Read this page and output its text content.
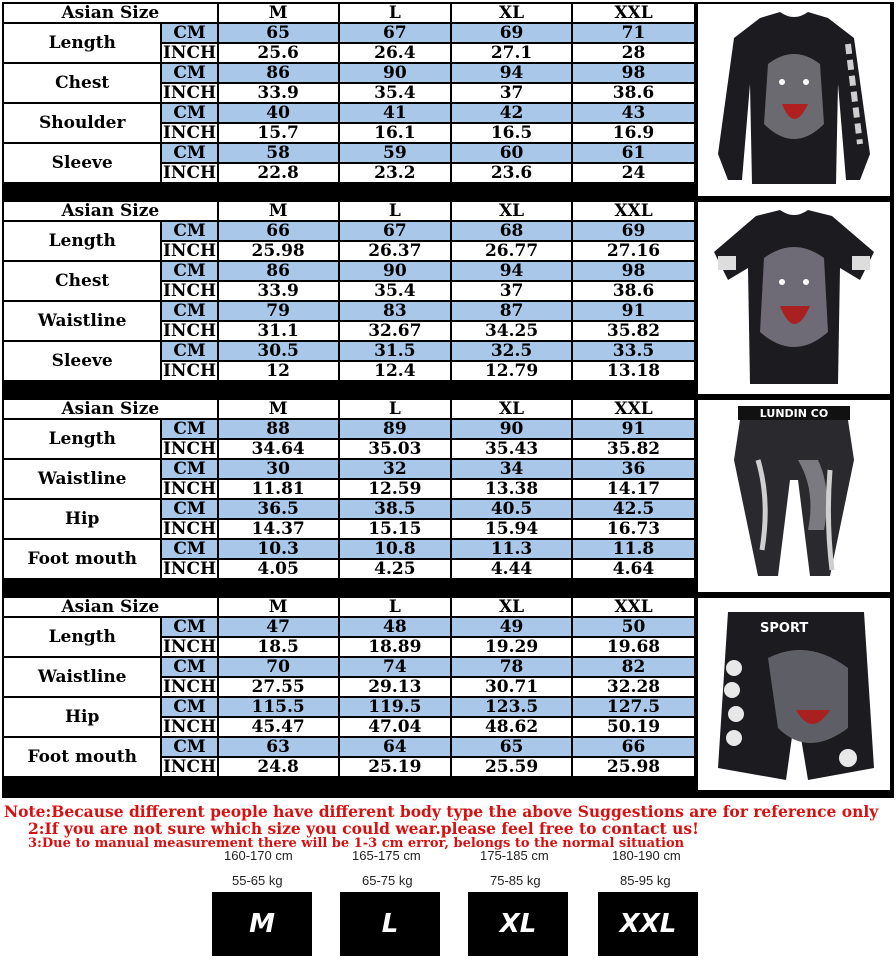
Asian Size		M	L	XL	XXL
Length	CM	65	67	69	71
	INCH	25.6	26.4	27.1	28
Chest	CM	86	90	94	98
	INCH	33.9	35.4	37	38.6
Shoulder	CM	40	41	42	43
	INCH	15.7	16.1	16.5	16.9
Sleeve	CM	58	59	60	61
	INCH	22.8	23.2	23.6	24
Asian Size		M	L	XL	XXL
Length	CM	66	67	68	69
	INCH	25.98	26.37	26.77	27.16
Chest	CM	86	90	94	98
	INCH	33.9	35.4	37	38.6
Waistline	CM	79	83	87	91
	INCH	31.1	32.67	34.25	35.82
Sleeve	CM	30.5	31.5	32.5	33.5
	INCH	12	12.4	12.79	13.18
Asian Size		M	L	XL	XXL
Length	CM	88	89	90	91
	INCH	34.64	35.03	35.43	35.82
Waistline	CM	30	32	34	36
	INCH	11.81	12.59	13.38	14.17
Hip	CM	36.5	38.5	40.5	42.5
	INCH	14.37	15.15	15.94	16.73
Foot mouth	CM	10.3	10.8	11.3	11.8
	INCH	4.05	4.25	4.44	4.64
LUNDIN CO
Asian Size		M	L	XL	XXL
Length	CM	47	48	49	50
	INCH	18.5	18.89	19.29	19.68
Waistline	CM	70	74	78	82
	INCH	27.55	29.13	30.71	32.28
Hip	CM	115.5	119.5	123.5	127.5
	INCH	45.47	47.04	48.62	50.19
Foot mouth	CM	63	64	65	66
	INCH	24.8	25.19	25.59	25.98
SPORT
Note:Because different people have different body type the above Suggestions are for reference only
2:If you are not sure which size you could wear.please feel free to contact us!
3:Due to manual measurement there will be 1-3 cm error, belongs to the normal situation
160-170 cm	165-175 cm	175-185 cm	180-190 cm
55-65 kg	65-75 kg	75-85 kg	85-95 kg
M	L	XL	XXL
